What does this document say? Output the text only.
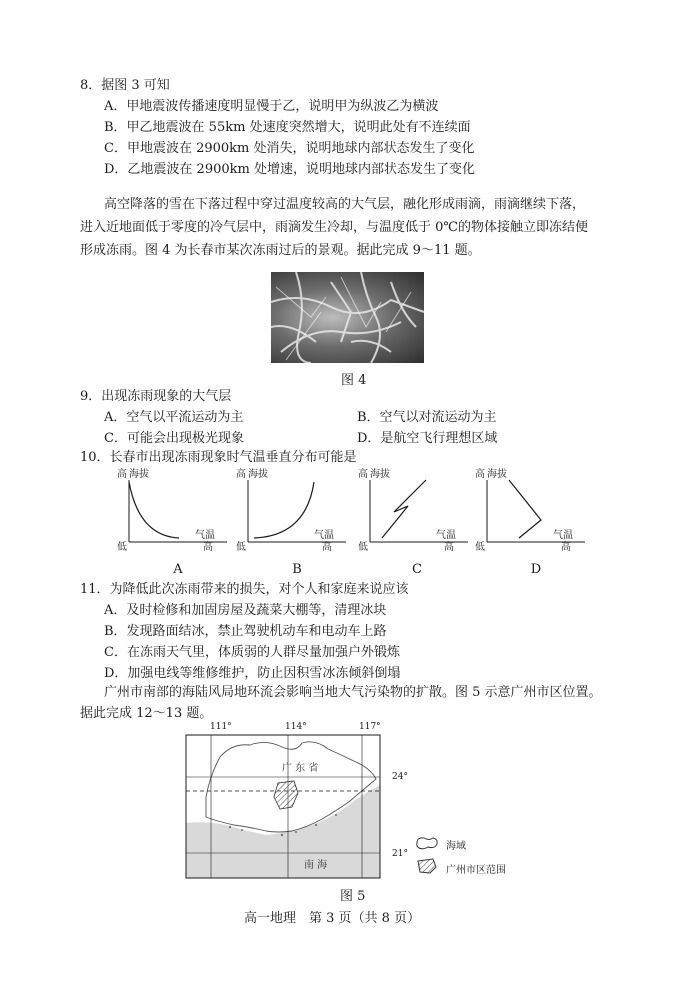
8．据图 3 可知
A．甲地震波传播速度明显慢于乙，说明甲为纵波乙为横波
B．甲乙地震波在 55km 处速度突然增大，说明此处有不连续面
C．甲地震波在 2900km 处消失，说明地球内部状态发生了变化
D．乙地震波在 2900km 处增速，说明地球内部状态发生了变化
高空降落的雪在下落过程中穿过温度较高的大气层，融化形成雨滴，雨滴继续下落，
进入近地面低于零度的冷气层中，雨滴发生冷却，与温度低于 0℃的物体接触立即冻结便
形成冻雨。图 4 为长春市某次冻雨过后的景观。据此完成 9～11 题。
图 4
9．出现冻雨现象的大气层
A．空气以平流运动为主	B．空气以对流运动为主
C．可能会出现极光现象	D．是航空飞行理想区域
10．长春市出现冻雨现象时气温垂直分布可能是
高 海拔
低
气温
高
高 海拔
低
气温
高
高 海拔
低
气温
高
高 海拔
低
气温
高
A	B	C	D
11．为降低此次冻雨带来的损失，对个人和家庭来说应该
A．及时检修和加固房屋及蔬菜大棚等，清理冰块
B．发现路面结冰，禁止驾驶机动车和电动车上路
C．在冻雨天气里，体质弱的人群尽量加强户外锻炼
D．加强电线等维修维护，防止因积雪冰冻倾斜倒塌
广州市南部的海陆风局地环流会影响当地大气污染物的扩散。图 5 示意广州市区位置。
据此完成 12～13 题。
111°	114°	117°
24°
21°
广 东 省
南 海
海域
广州市区范围
图 5
高一地理　第 3 页（共 8 页）
